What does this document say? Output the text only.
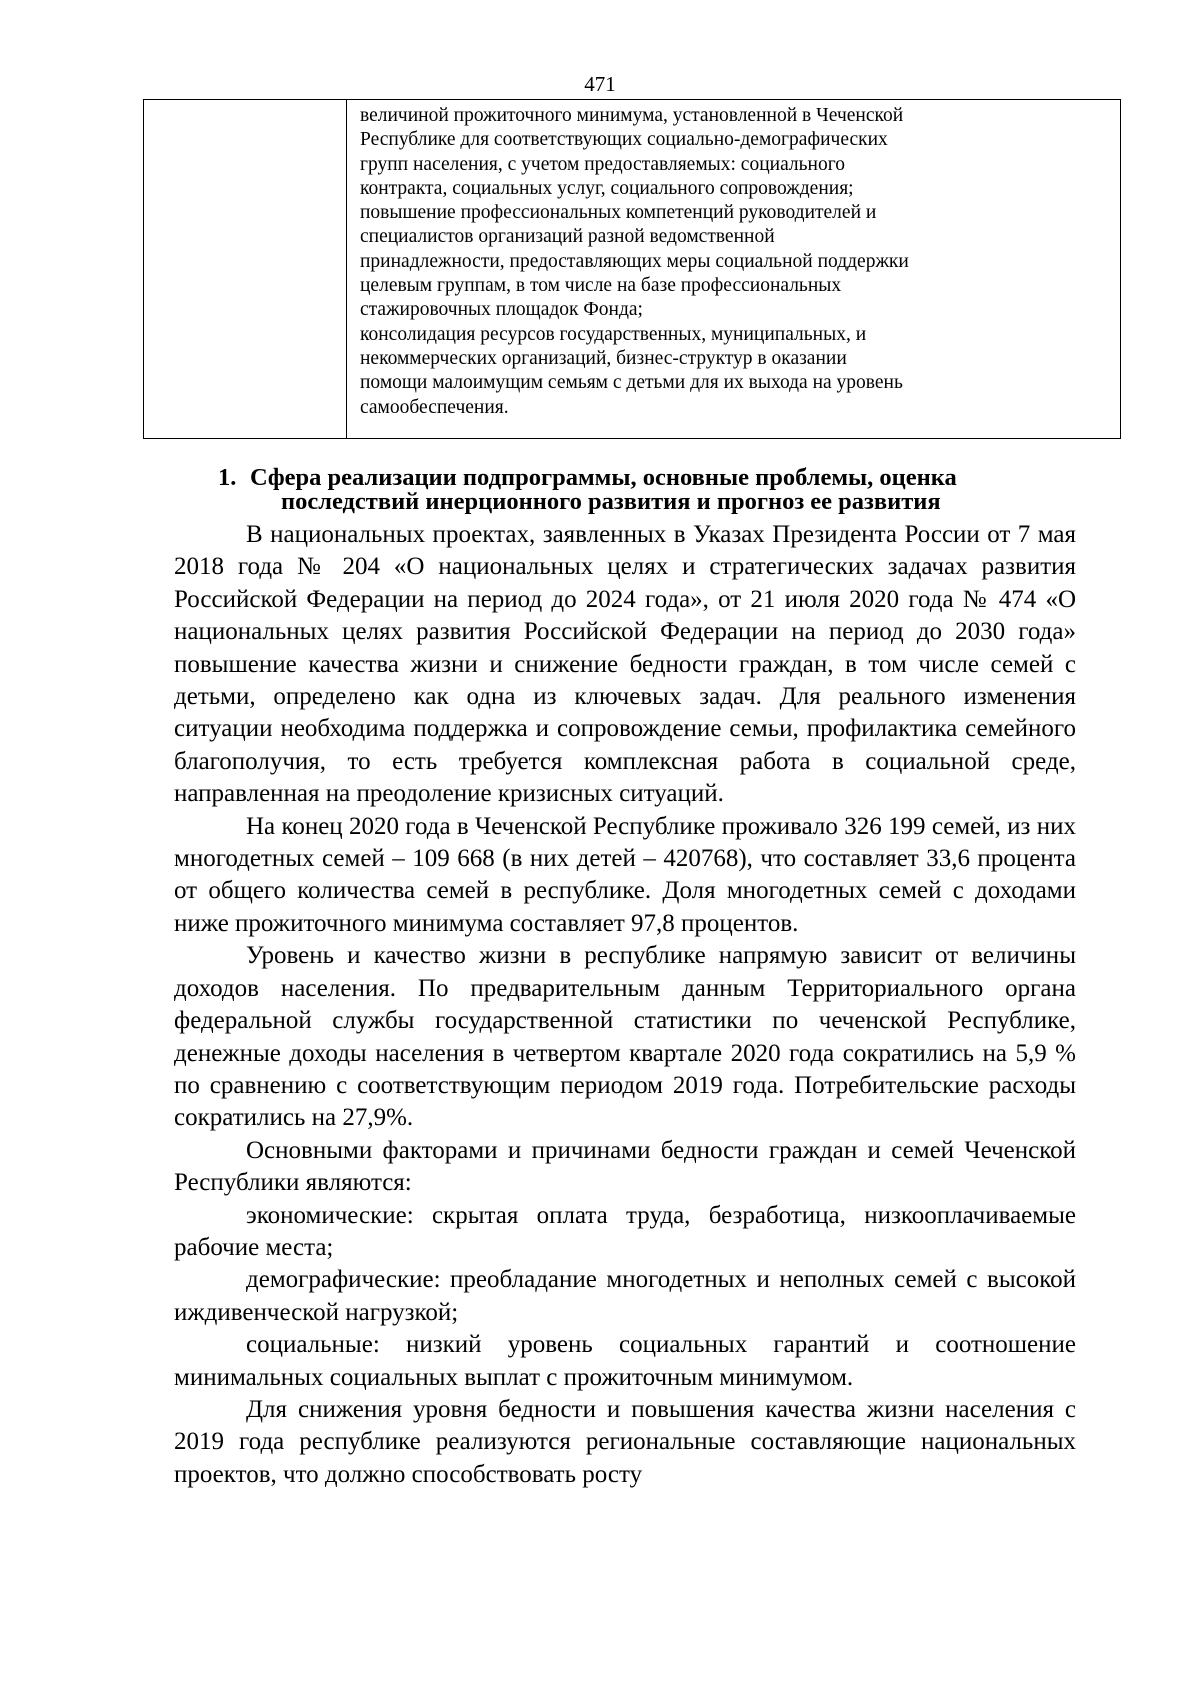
471
величиной прожиточного минимума, установленной в Чеченской
Республике для соответствующих социально-демографических
групп населения, с учетом предоставляемых: социального
контракта, социальных услуг, социального сопровождения;
повышение профессиональных компетенций руководителей и
специалистов организаций разной ведомственной
принадлежности, предоставляющих меры социальной поддержки
целевым группам, в том числе на базе профессиональных
стажировочных площадок Фонда;
консолидация ресурсов государственных, муниципальных, и
некоммерческих организаций, бизнес-структур в оказании
помощи малоимущим семьям с детьми для их выхода на уровень
самообеспечения.
1. Сфера реализации подпрограммы, основные проблемы, оценка
последствий инерционного развития и прогноз ее развития

В национальных проектах, заявленных в Указах Президента России от 7 мая 2018 года № 204 «О национальных целях и стратегических задачах развития Российской Федерации на период до 2024 года», от 21 июля 2020 года № 474 «О национальных целях развития Российской Федерации на период до 2030 года» повышение качества жизни и снижение бедности граждан, в том числе семей с детьми, определено как одна из ключевых задач. Для реального изменения ситуации необходима поддержка и сопровождение семьи, профилактика семейного благополучия, то есть требуется комплексная работа в социальной среде, направленная на преодоление кризисных ситуаций.

На конец 2020 года в Чеченской Республике проживало 326 199 семей, из них многодетных семей – 109 668 (в них детей – 420768), что составляет 33,6 процента от общего количества семей в республике. Доля многодетных семей с доходами ниже прожиточного минимума составляет 97,8 процентов.

Уровень и качество жизни в республике напрямую зависит от величины доходов населения. По предварительным данным Территориального органа федеральной службы государственной статистики по чеченской Республике, денежные доходы населения в четвертом квартале 2020 года сократились на 5,9 % по сравнению с соответствующим периодом 2019 года. Потребительские расходы сократились на 27,9%.

Основными факторами и причинами бедности граждан и семей Чеченской Республики являются:

экономические: скрытая оплата труда, безработица, низкооплачиваемые рабочие места;

демографические: преобладание многодетных и неполных семей с высокой иждивенческой нагрузкой;

социальные: низкий уровень социальных гарантий и соотношение минимальных социальных выплат с прожиточным минимумом.

Для снижения уровня бедности и повышения качества жизни населения с 2019 года республике реализуются региональные составляющие национальных проектов, что должно способствовать росту
